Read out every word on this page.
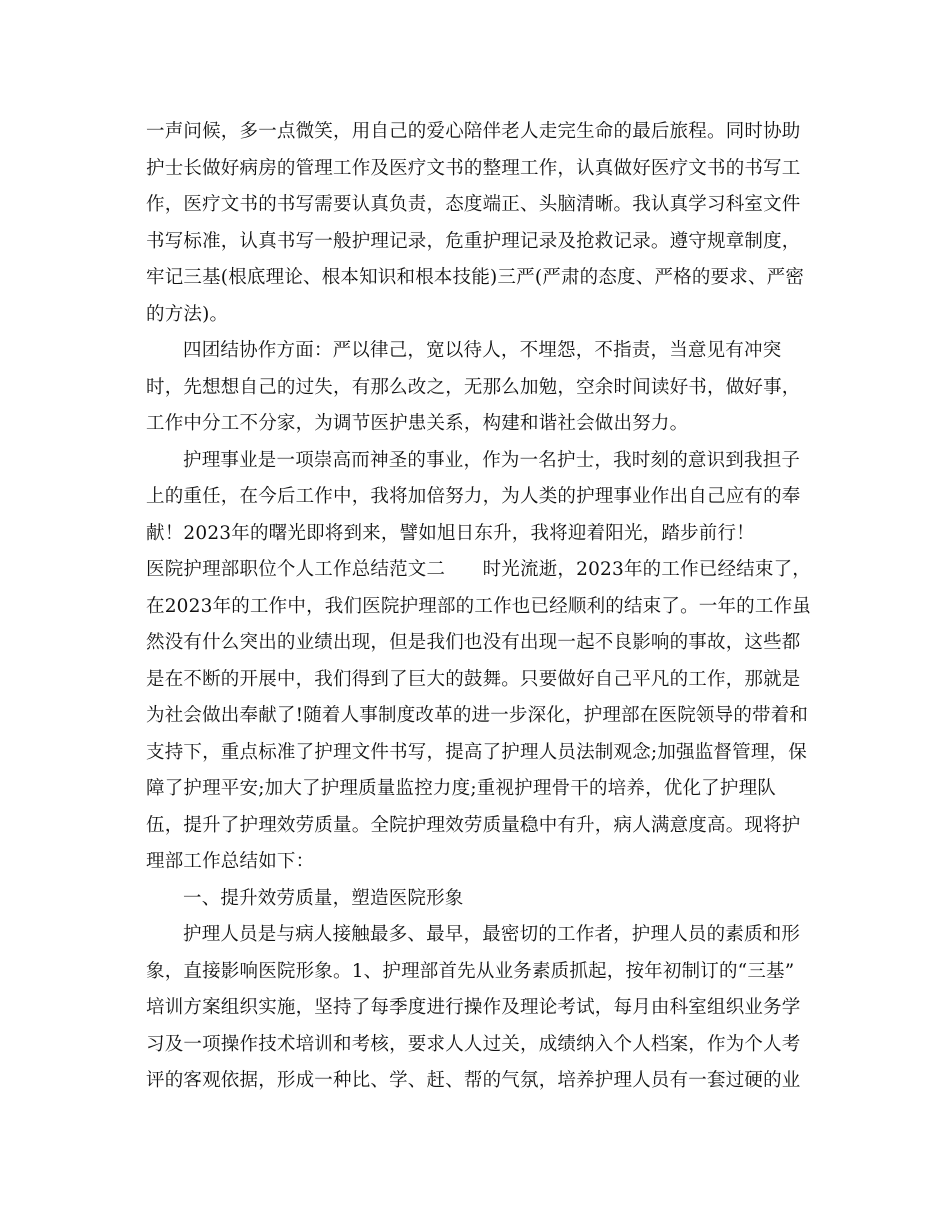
一声问候，多一点微笑，用自己的爱心陪伴老人走完生命的最后旅程。同时协助
护士长做好病房的管理工作及医疗文书的整理工作，认真做好医疗文书的书写工
作，医疗文书的书写需要认真负责，态度端正、头脑清晰。我认真学习科室文件
书写标准，认真书写一般护理记录，危重护理记录及抢救记录。遵守规章制度，
牢记三基(根底理论、根本知识和根本技能)三严(严肃的态度、严格的要求、严密
的方法)。
四团结协作方面：严以律己，宽以待人，不埋怨，不指责，当意见有冲突
时，先想想自己的过失，有那么改之，无那么加勉，空余时间读好书，做好事，
工作中分工不分家，为调节医护患关系，构建和谐社会做出努力。
护理事业是一项崇高而神圣的事业，作为一名护士，我时刻的意识到我担子
上的重任，在今后工作中，我将加倍努力，为人类的护理事业作出自己应有的奉
献！2023年的曙光即将到来，譬如旭日东升，我将迎着阳光，踏步前行！
医院护理部职位个人工作总结范文二　　时光流逝，2023年的工作已经结束了，
在2023年的工作中，我们医院护理部的工作也已经顺利的结束了。一年的工作虽
然没有什么突出的业绩出现，但是我们也没有出现一起不良影响的事故，这些都
是在不断的开展中，我们得到了巨大的鼓舞。只要做好自己平凡的工作，那就是
为社会做出奉献了!随着人事制度改革的进一步深化，护理部在医院领导的带着和
支持下，重点标准了护理文件书写，提高了护理人员法制观念;加强监督管理，保
障了护理平安;加大了护理质量监控力度;重视护理骨干的培养，优化了护理队
伍，提升了护理效劳质量。全院护理效劳质量稳中有升，病人满意度高。现将护
理部工作总结如下：
一、提升效劳质量，塑造医院形象
护理人员是与病人接触最多、最早，最密切的工作者，护理人员的素质和形
象，直接影响医院形象。1、护理部首先从业务素质抓起，按年初制订的“三基”
培训方案组织实施，坚持了每季度进行操作及理论考试，每月由科室组织业务学
习及一项操作技术培训和考核，要求人人过关，成绩纳入个人档案，作为个人考
评的客观依据，形成一种比、学、赶、帮的气氛，培养护理人员有一套过硬的业
